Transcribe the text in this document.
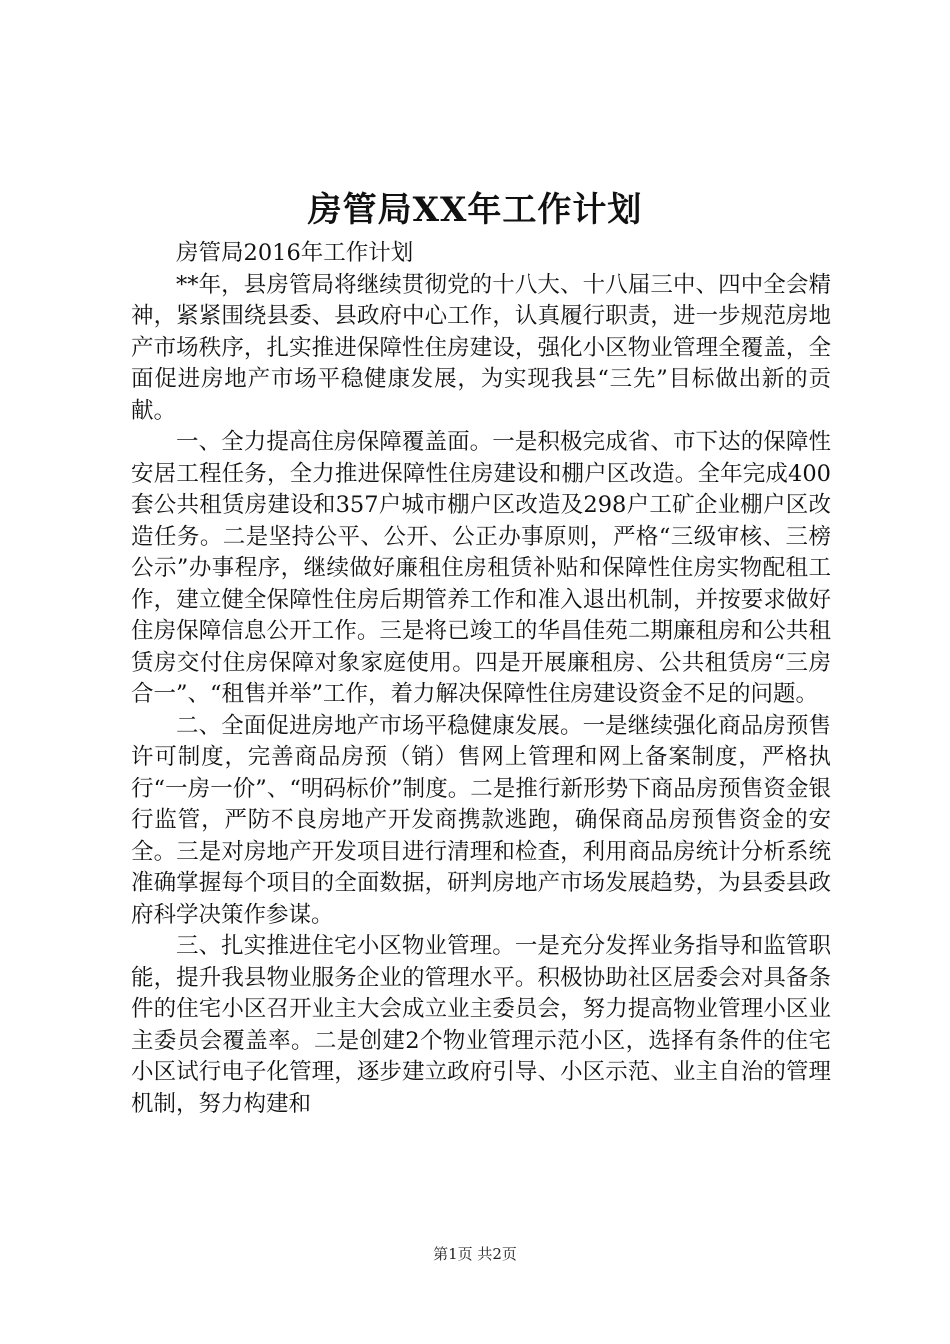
房管局XX年工作计划

房管局2016年工作计划

**年，县房管局将继续贯彻党的十八大、十八届三中、四中全会精神，紧紧围绕县委、县政府中心工作，认真履行职责，进一步规范房地产市场秩序，扎实推进保障性住房建设，强化小区物业管理全覆盖，全面促进房地产市场平稳健康发展，为实现我县“三先”目标做出新的贡献。

一、全力提高住房保障覆盖面。一是积极完成省、市下达的保障性安居工程任务，全力推进保障性住房建设和棚户区改造。全年完成400套公共租赁房建设和357户城市棚户区改造及298户工矿企业棚户区改造任务。二是坚持公平、公开、公正办事原则，严格“三级审核、三榜公示”办事程序，继续做好廉租住房租赁补贴和保障性住房实物配租工作，建立健全保障性住房后期管养工作和准入退出机制，并按要求做好住房保障信息公开工作。三是将已竣工的华昌佳苑二期廉租房和公共租赁房交付住房保障对象家庭使用。四是开展廉租房、公共租赁房“三房合一”、“租售并举”工作，着力解决保障性住房建设资金不足的问题。

二、全面促进房地产市场平稳健康发展。一是继续强化商品房预售许可制度，完善商品房预（销）售网上管理和网上备案制度，严格执行“一房一价”、“明码标价”制度。二是推行新形势下商品房预售资金银行监管，严防不良房地产开发商携款逃跑，确保商品房预售资金的安全。三是对房地产开发项目进行清理和检查，利用商品房统计分析系统准确掌握每个项目的全面数据，研判房地产市场发展趋势，为县委县政府科学决策作参谋。

三、扎实推进住宅小区物业管理。一是充分发挥业务指导和监管职能，提升我县物业服务企业的管理水平。积极协助社区居委会对具备条件的住宅小区召开业主大会成立业主委员会，努力提高物业管理小区业主委员会覆盖率。二是创建2个物业管理示范小区，选择有条件的住宅小区试行电子化管理，逐步建立政府引导、小区示范、业主自治的管理机制，努力构建和

第1页 共2页
